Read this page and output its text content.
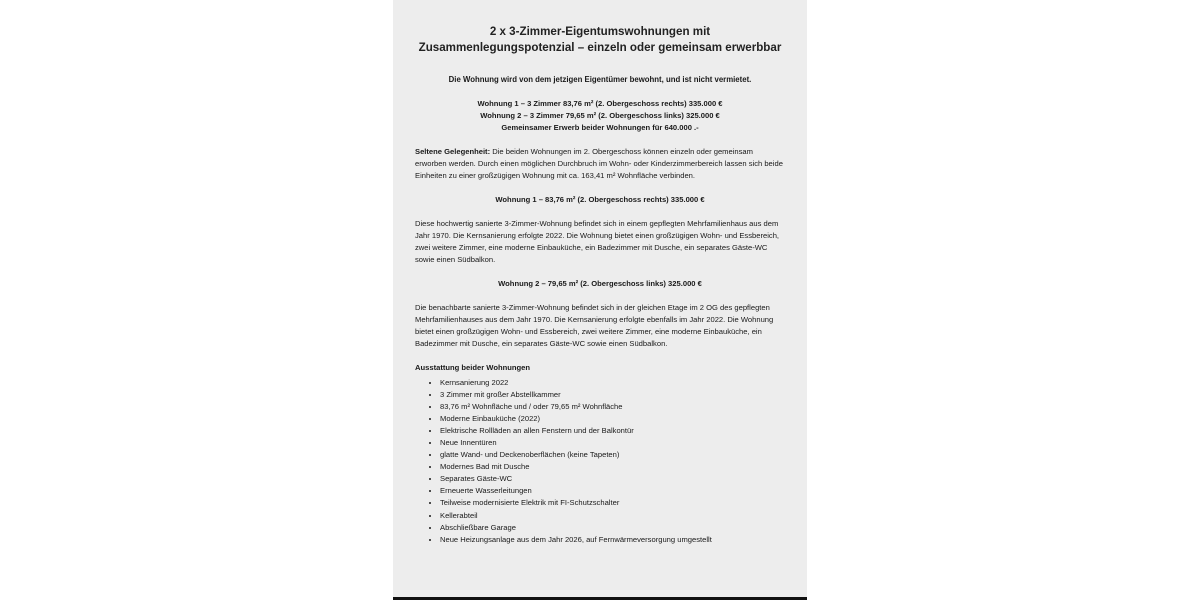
2 x 3-Zimmer-Eigentumswohnungen mit Zusammenlegungspotenzial – einzeln oder gemeinsam erwerbbar

Die Wohnung wird von dem jetzigen Eigentümer bewohnt, und ist nicht vermietet.

Wohnung 1 – 3 Zimmer 83,76 m² (2. Obergeschoss rechts) 335.000 €
Wohnung 2 – 3 Zimmer 79,65 m² (2. Obergeschoss links) 325.000 €
Gemeinsamer Erwerb beider Wohnungen für 640.000 .-

Seltene Gelegenheit: Die beiden Wohnungen im 2. Obergeschoss können einzeln oder gemeinsam erworben werden. Durch einen möglichen Durchbruch im Wohn- oder Kinderzimmerbereich lassen sich beide Einheiten zu einer großzügigen Wohnung mit ca. 163,41 m² Wohnfläche verbinden.

Wohnung 1 – 83,76 m² (2. Obergeschoss rechts) 335.000 €

Diese hochwertig sanierte 3-Zimmer-Wohnung befindet sich in einem gepflegten Mehrfamilienhaus aus dem Jahr 1970. Die Kernsanierung erfolgte 2022. Die Wohnung bietet einen großzügigen Wohn- und Essbereich, zwei weitere Zimmer, eine moderne Einbauküche, ein Badezimmer mit Dusche, ein separates Gäste-WC sowie einen Südbalkon.

Wohnung 2 – 79,65 m² (2. Obergeschoss links) 325.000 €

Die benachbarte sanierte 3-Zimmer-Wohnung befindet sich in der gleichen Etage im 2 OG des gepflegten Mehrfamilienhauses aus dem Jahr 1970. Die Kernsanierung erfolgte ebenfalls im Jahr 2022. Die Wohnung bietet einen großzügigen Wohn- und Essbereich, zwei weitere Zimmer, eine moderne Einbauküche, ein Badezimmer mit Dusche, ein separates Gäste-WC sowie einen Südbalkon.

Ausstattung beider Wohnungen

• Kernsanierung 2022
• 3 Zimmer mit großer Abstellkammer
• 83,76 m² Wohnfläche und / oder 79,65 m² Wohnfläche
• Moderne Einbauküche (2022)
• Elektrische Rollläden an allen Fenstern und der Balkontür
• Neue Innentüren
• glatte Wand- und Deckenoberflächen (keine Tapeten)
• Modernes Bad mit Dusche
• Separates Gäste-WC
• Erneuerte Wasserleitungen
• Teilweise modernisierte Elektrik mit FI-Schutzschalter
• Kellerabteil
• Abschließbare Garage
• Neue Heizungsanlage aus dem Jahr 2026, auf Fernwärmeversorgung umgestellt
